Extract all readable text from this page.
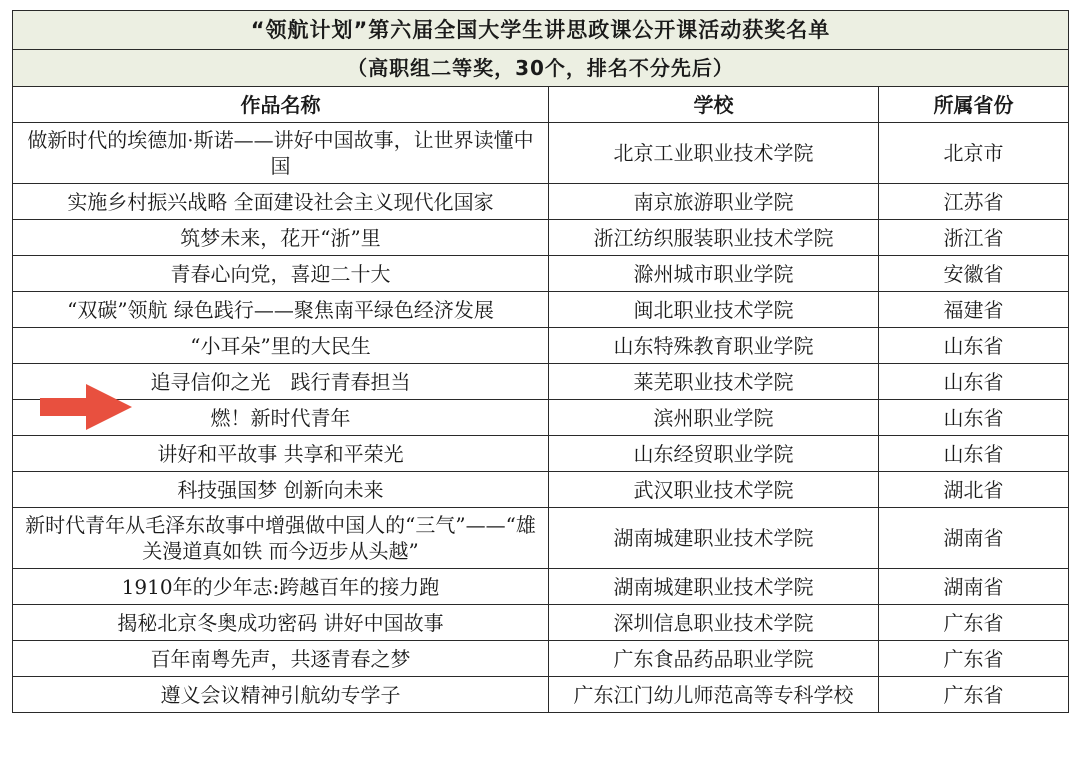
“领航计划”第六届全国大学生讲思政课公开课活动获奖名单		
（高职组二等奖，30个，排名不分先后）		
作品名称	学校	所属省份
做新时代的埃德加·斯诺——讲好中国故事，让世界读懂中国	北京工业职业技术学院	北京市
实施乡村振兴战略 全面建设社会主义现代化国家	南京旅游职业学院	江苏省
筑梦未来，花开“浙”里	浙江纺织服装职业技术学院	浙江省
青春心向党，喜迎二十大	滁州城市职业学院	安徽省
“双碳”领航 绿色践行——聚焦南平绿色经济发展	闽北职业技术学院	福建省
“小耳朵”里的大民生	山东特殊教育职业学院	山东省
追寻信仰之光　践行青春担当	莱芜职业技术学院	山东省
燃！新时代青年	滨州职业学院	山东省
讲好和平故事 共享和平荣光	山东经贸职业学院	山东省
科技强国梦 创新向未来	武汉职业技术学院	湖北省
新时代青年从毛泽东故事中增强做中国人的“三气”——“雄关漫道真如铁 而今迈步从头越”	湖南城建职业技术学院	湖南省
1910年的少年志:跨越百年的接力跑	湖南城建职业技术学院	湖南省
揭秘北京冬奥成功密码 讲好中国故事	深圳信息职业技术学院	广东省
百年南粤先声，共逐青春之梦	广东食品药品职业学院	广东省
遵义会议精神引航幼专学子	广东江门幼儿师范高等专科学校	广东省
